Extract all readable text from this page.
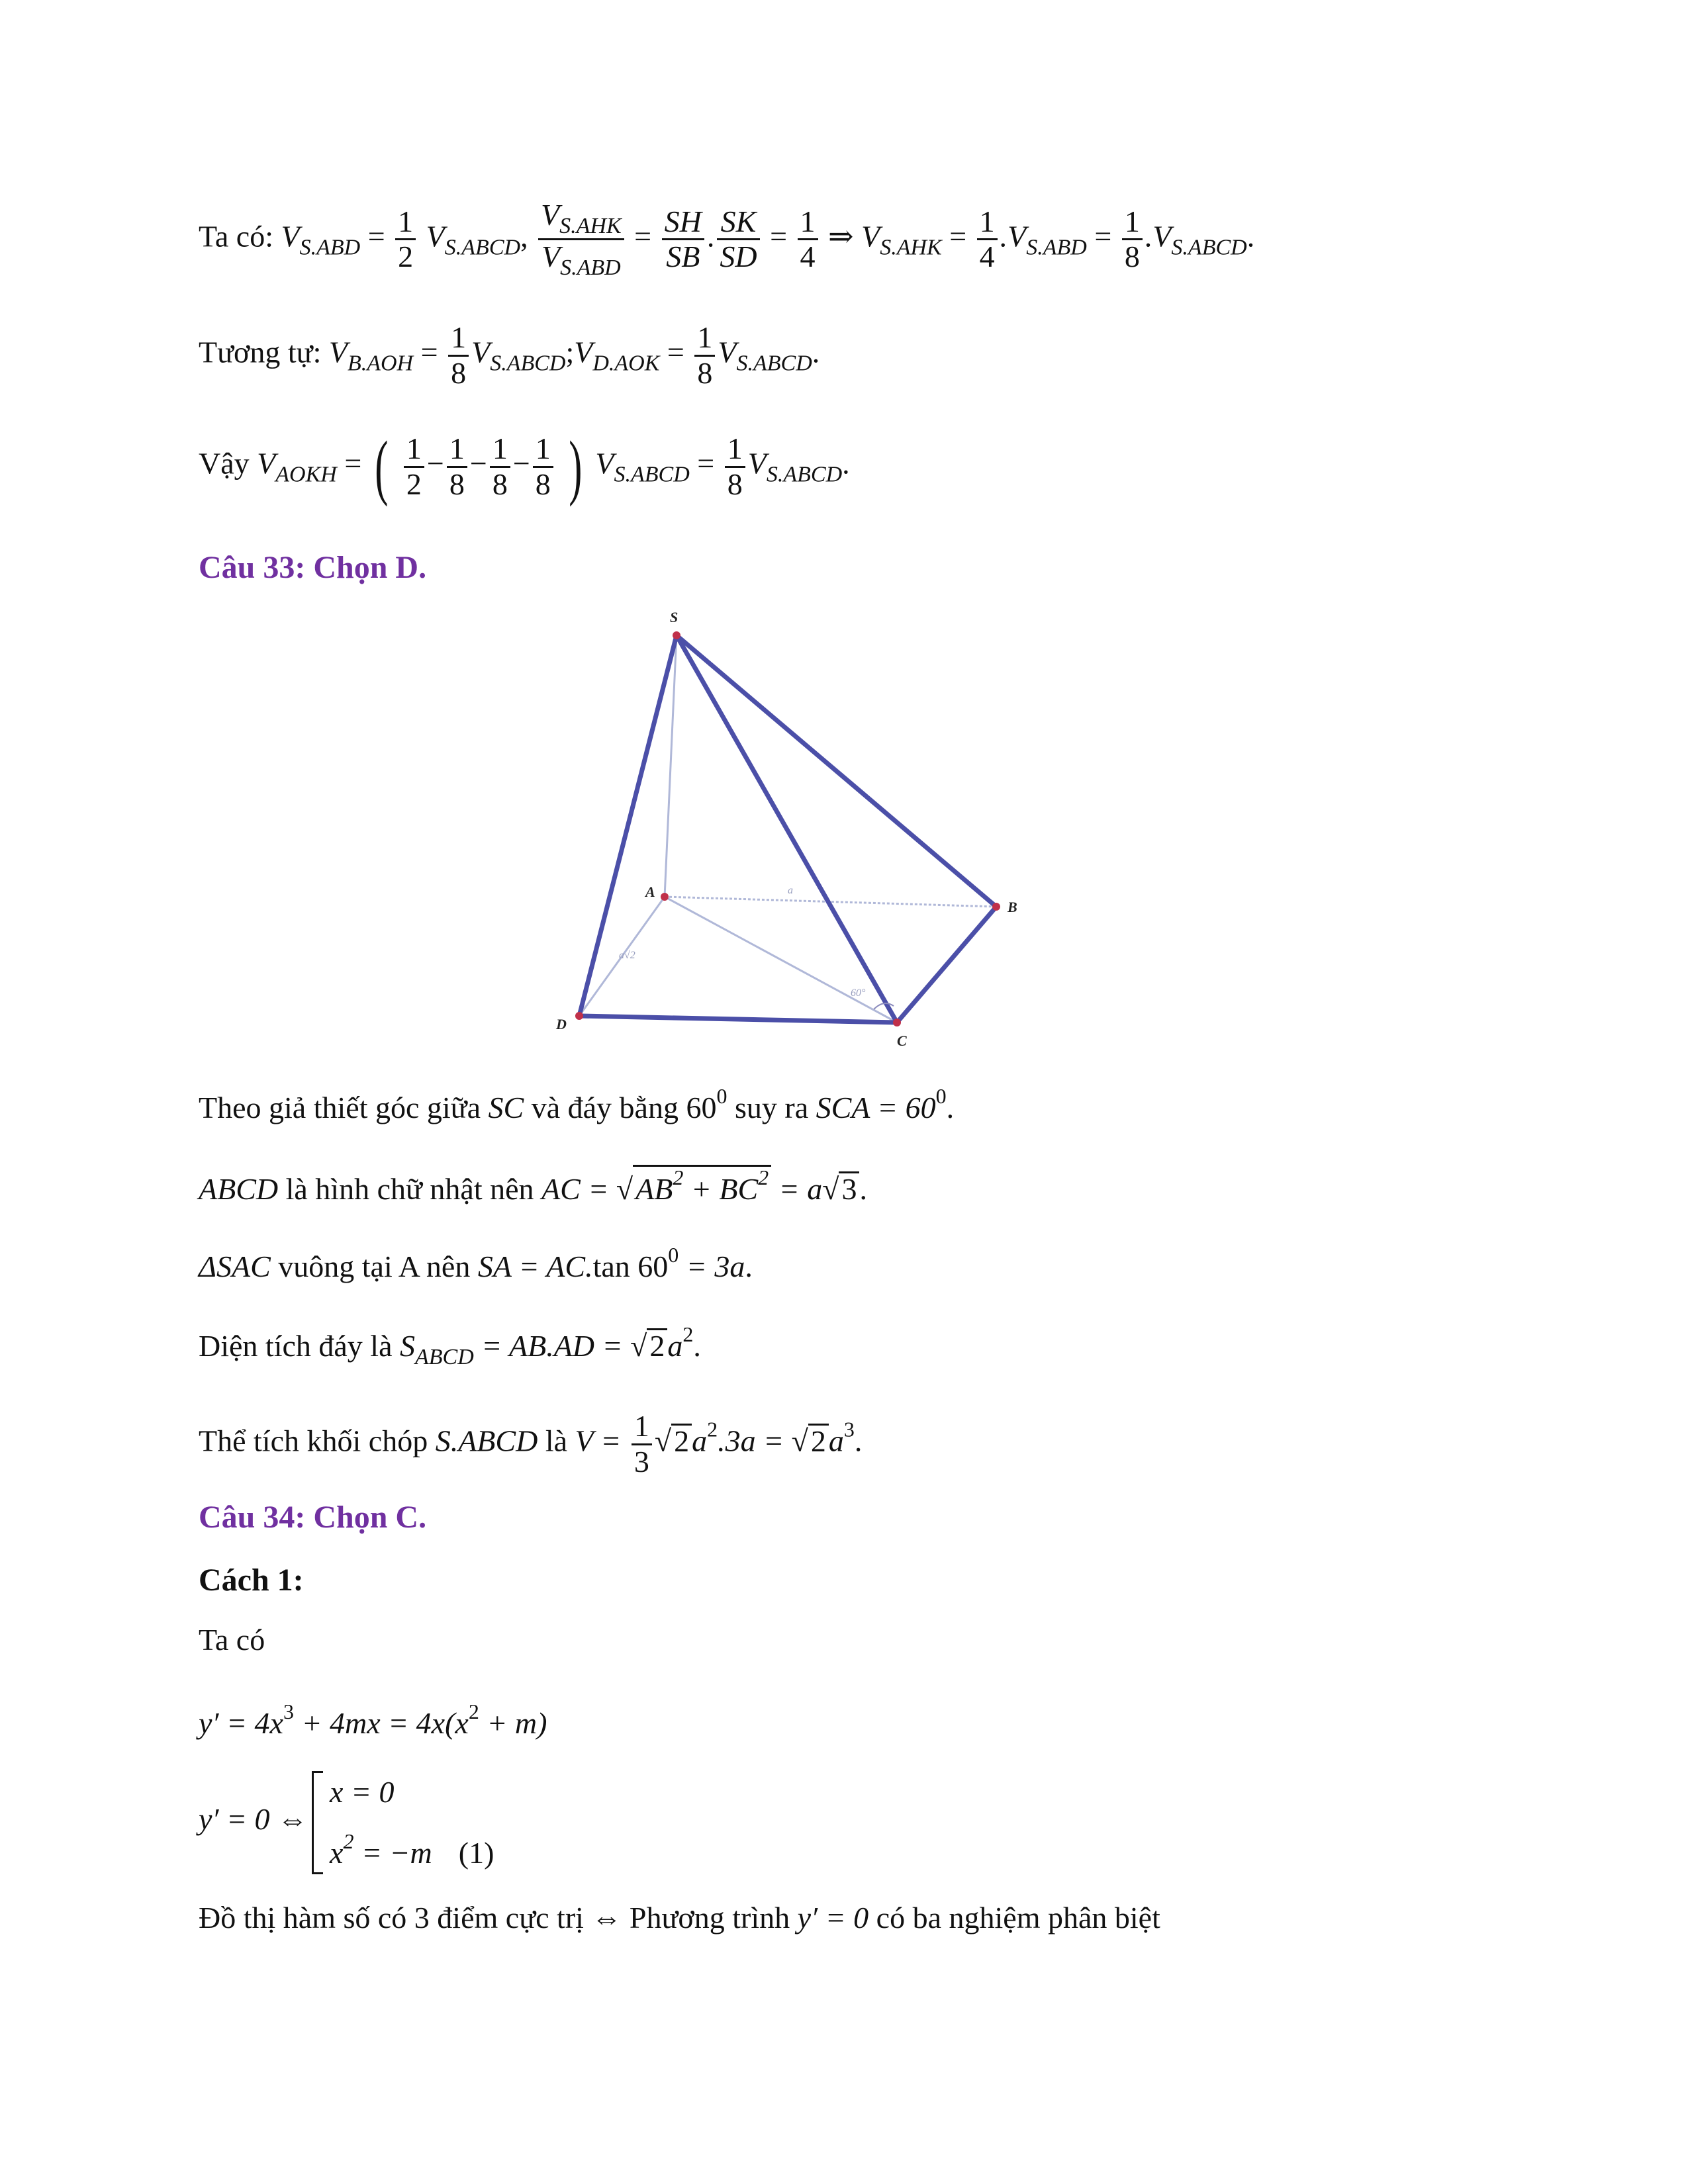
Ta có: $V_{S.ABD} = \frac{1}{2} V_{S.ABCD}$, $\frac{V_{S.AHK}}{V_{S.ABD}} = \frac{SH}{SB}$ . $\frac{SK}{SD} = \frac{1}{4}$ ⇒ $V_{S.AHK} = \frac{1}{4} .V_{S.ABD} = \frac{1}{8} .V_{S.ABCD}$.
Tương tự: $V_{B.AOH} = \frac{1}{8}$ $V_{S.ABCD};V_{D.AOK} = \frac{1}{8} V_{S.ABCD}$.
Vậy $V_{AOKH}$ = ( $\frac{1}{2} - \frac{1}{8} - \frac{1}{8} - \frac{1}{8}$ ) $V_{S.ABCD} = \frac{1}{8} V_{S.ABCD}$.
Câu 33: Chọn D.
S
A
B
C
D
a
a√2
60°
Theo giả thiết góc giữa SC và đáy bằng $60^0$ suy ra SCA = $60^0$.
ABCD là hình chữ nhật nên AC = $√AB^2 + BC^2 = a√3$.
ΔSAC vuông tại A nên SA = AC.tan $60^0 = 3a$.
Diện tích đáy là $S_{ABCD} = AB.AD = √2a^2$.
Thể tích khối chóp S.ABCD là $V = \frac{1}{3} √2a^2.3a = √2a^3$.
Câu 34: Chọn C.
Cách 1:
Ta có
$y' = 4x^3 + 4mx = 4x(x^2 + m)$
y′ = 0 ⇔
x = 0
$x^2 = -m$ (1)
Đồ thị hàm số có 3 điểm cực trị ⇔ Phương trình y′ = 0 có ba nghiệm phân biệt
